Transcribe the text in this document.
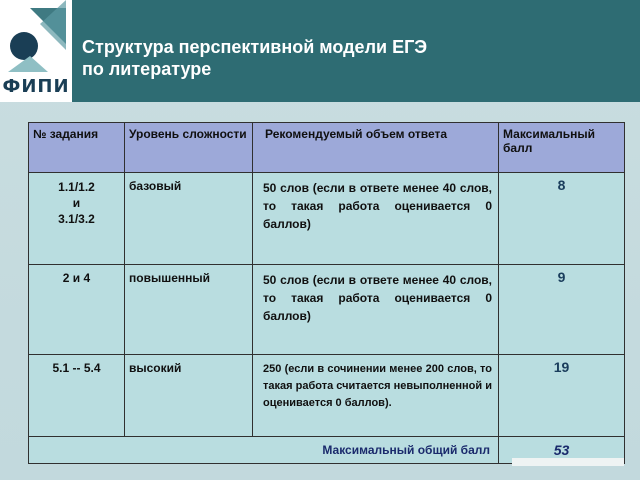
ФИПИ
Структура перспективной модели ЕГЭ
по литературе
№ задания	Уровень сложности	Рекомендуемый объем ответа	Максимальный балл
1.1/1.2
и
3.1/3.2	базовый	50 слов (если в ответе менее 40 слов, то такая работа оценивается 0 баллов)	8
2 и 4	повышенный	50 слов (если в ответе менее 40 слов, то такая работа оценивается 0 баллов)	9
5.1 -- 5.4	высокий	250 (если в сочинении менее 200 слов, то такая работа считается невыполненной и оценивается 0 баллов).	19
Максимальный общий балл			53
